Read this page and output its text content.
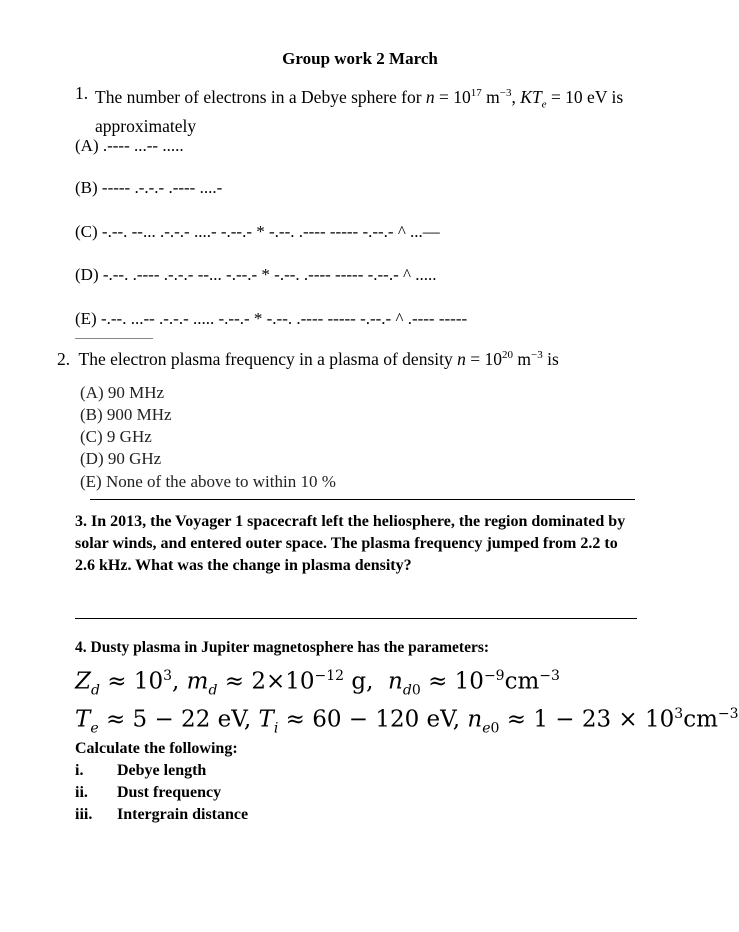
Group work 2 March
1. The number of electrons in a Debye sphere for $n = 10^{17}$ $m^{-3}$, $KT_e = 10$ eV is approximately
(A) .---- ...-- .....
(B) ----- .-.-.- .---- ....-
(C) -.--. --... .-.-.- ....- -.--.- * -.--. .---- ----- -.--.- ^ ...—
(D) -.--. .---- .-.-.- --... -.--.- * -.--. .---- ----- -.--.- ^ .....
(E) -.--. ...-- .-.-.- ..... -.--.- * -.--. .---- ----- -.--.- ^ .---- -----
2.  The electron plasma frequency in a plasma of density $n = 10^{20}$ $m^{-3}$ is
(A) 90 MHz
(B) 900 MHz
(C) 9 GHz
(D) 90 GHz
(E) None of the above to within 10 %
3. In 2013, the Voyager 1 spacecraft left the heliosphere, the region dominated by solar winds, and entered outer space. The plasma frequency jumped from 2.2 to 2.6 kHz. What was the change in plasma density?
4. Dusty plasma in Jupiter magnetosphere has the parameters:
$Z_d \approx 10^3$, $m_d \approx 2\times 10^{-12}$ g,  $n_{d0} \approx 10^{-9}cm^{-3}$
$T_e \approx 5 - 22$ eV, $T_i \approx 60 - 120$ eV, $n_{e0} \approx 1 - 23 \times 10^3cm^{-3}$
Calculate the following:
i. Debye length
ii. Dust frequency
iii. Intergrain distance
